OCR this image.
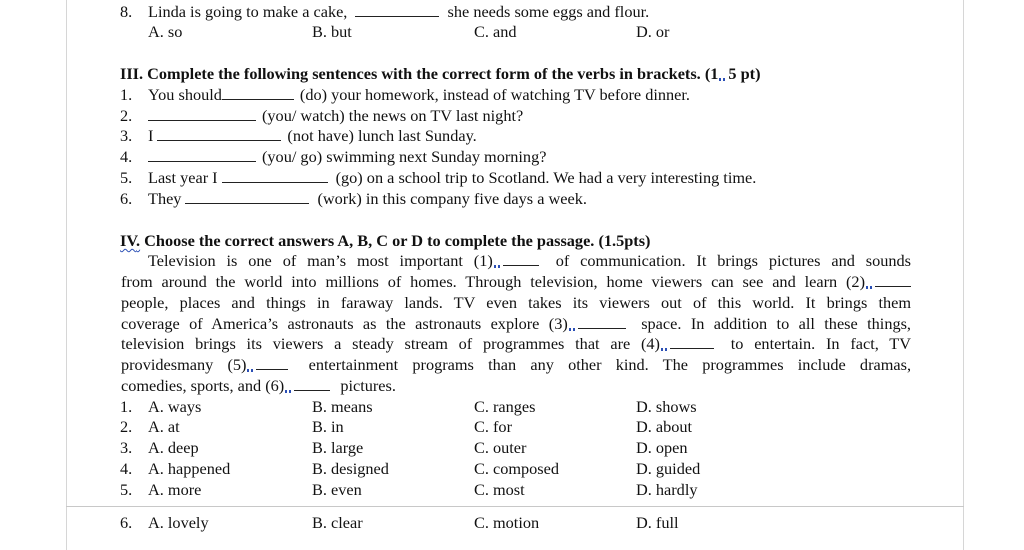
8. Linda is going to make a cake,	she needs some eggs and flour.
A. so	B. but	C. and	D. or
III. Complete the following sentences with the correct form of the verbs in brackets. (1 5 pt)
1. You should	(do) your homework, instead of watching TV before dinner.
2.	(you/ watch) the news on TV last night?
3. I	(not have) lunch last Sunday.
4.	(you/ go) swimming next Sunday morning?
5. Last year I	(go) on a school trip to Scotland. We had a very interesting time.
6. They	(work) in this company five days a week.
IV. Choose the correct answers A, B, C or D to complete the passage. (1.5pts)
Television is one of man’s most important (1)	of communication. It brings pictures and sounds
from around the world into millions of homes. Through television, home viewers can see and learn (2)
people, places and things in faraway lands. TV even takes its viewers out of this world. It brings them
coverage of America’s astronauts as the astronauts explore (3)	space. In addition to all these things,
television brings its viewers a steady stream of programmes that are (4)	to entertain. In fact, TV
providesmany (5)	entertainment programs than any other kind. The programmes include dramas,
comedies, sports, and (6)	pictures.
1. A. ways	B. means	C. ranges	D. shows
2. A. at	B. in	C. for	D. about
3. A. deep	B. large	C. outer	D. open
4. A. happened	B. designed	C. composed	D. guided
5. A. more	B. even	C. most	D. hardly
6. A. lovely	B. clear	C. motion	D. full
